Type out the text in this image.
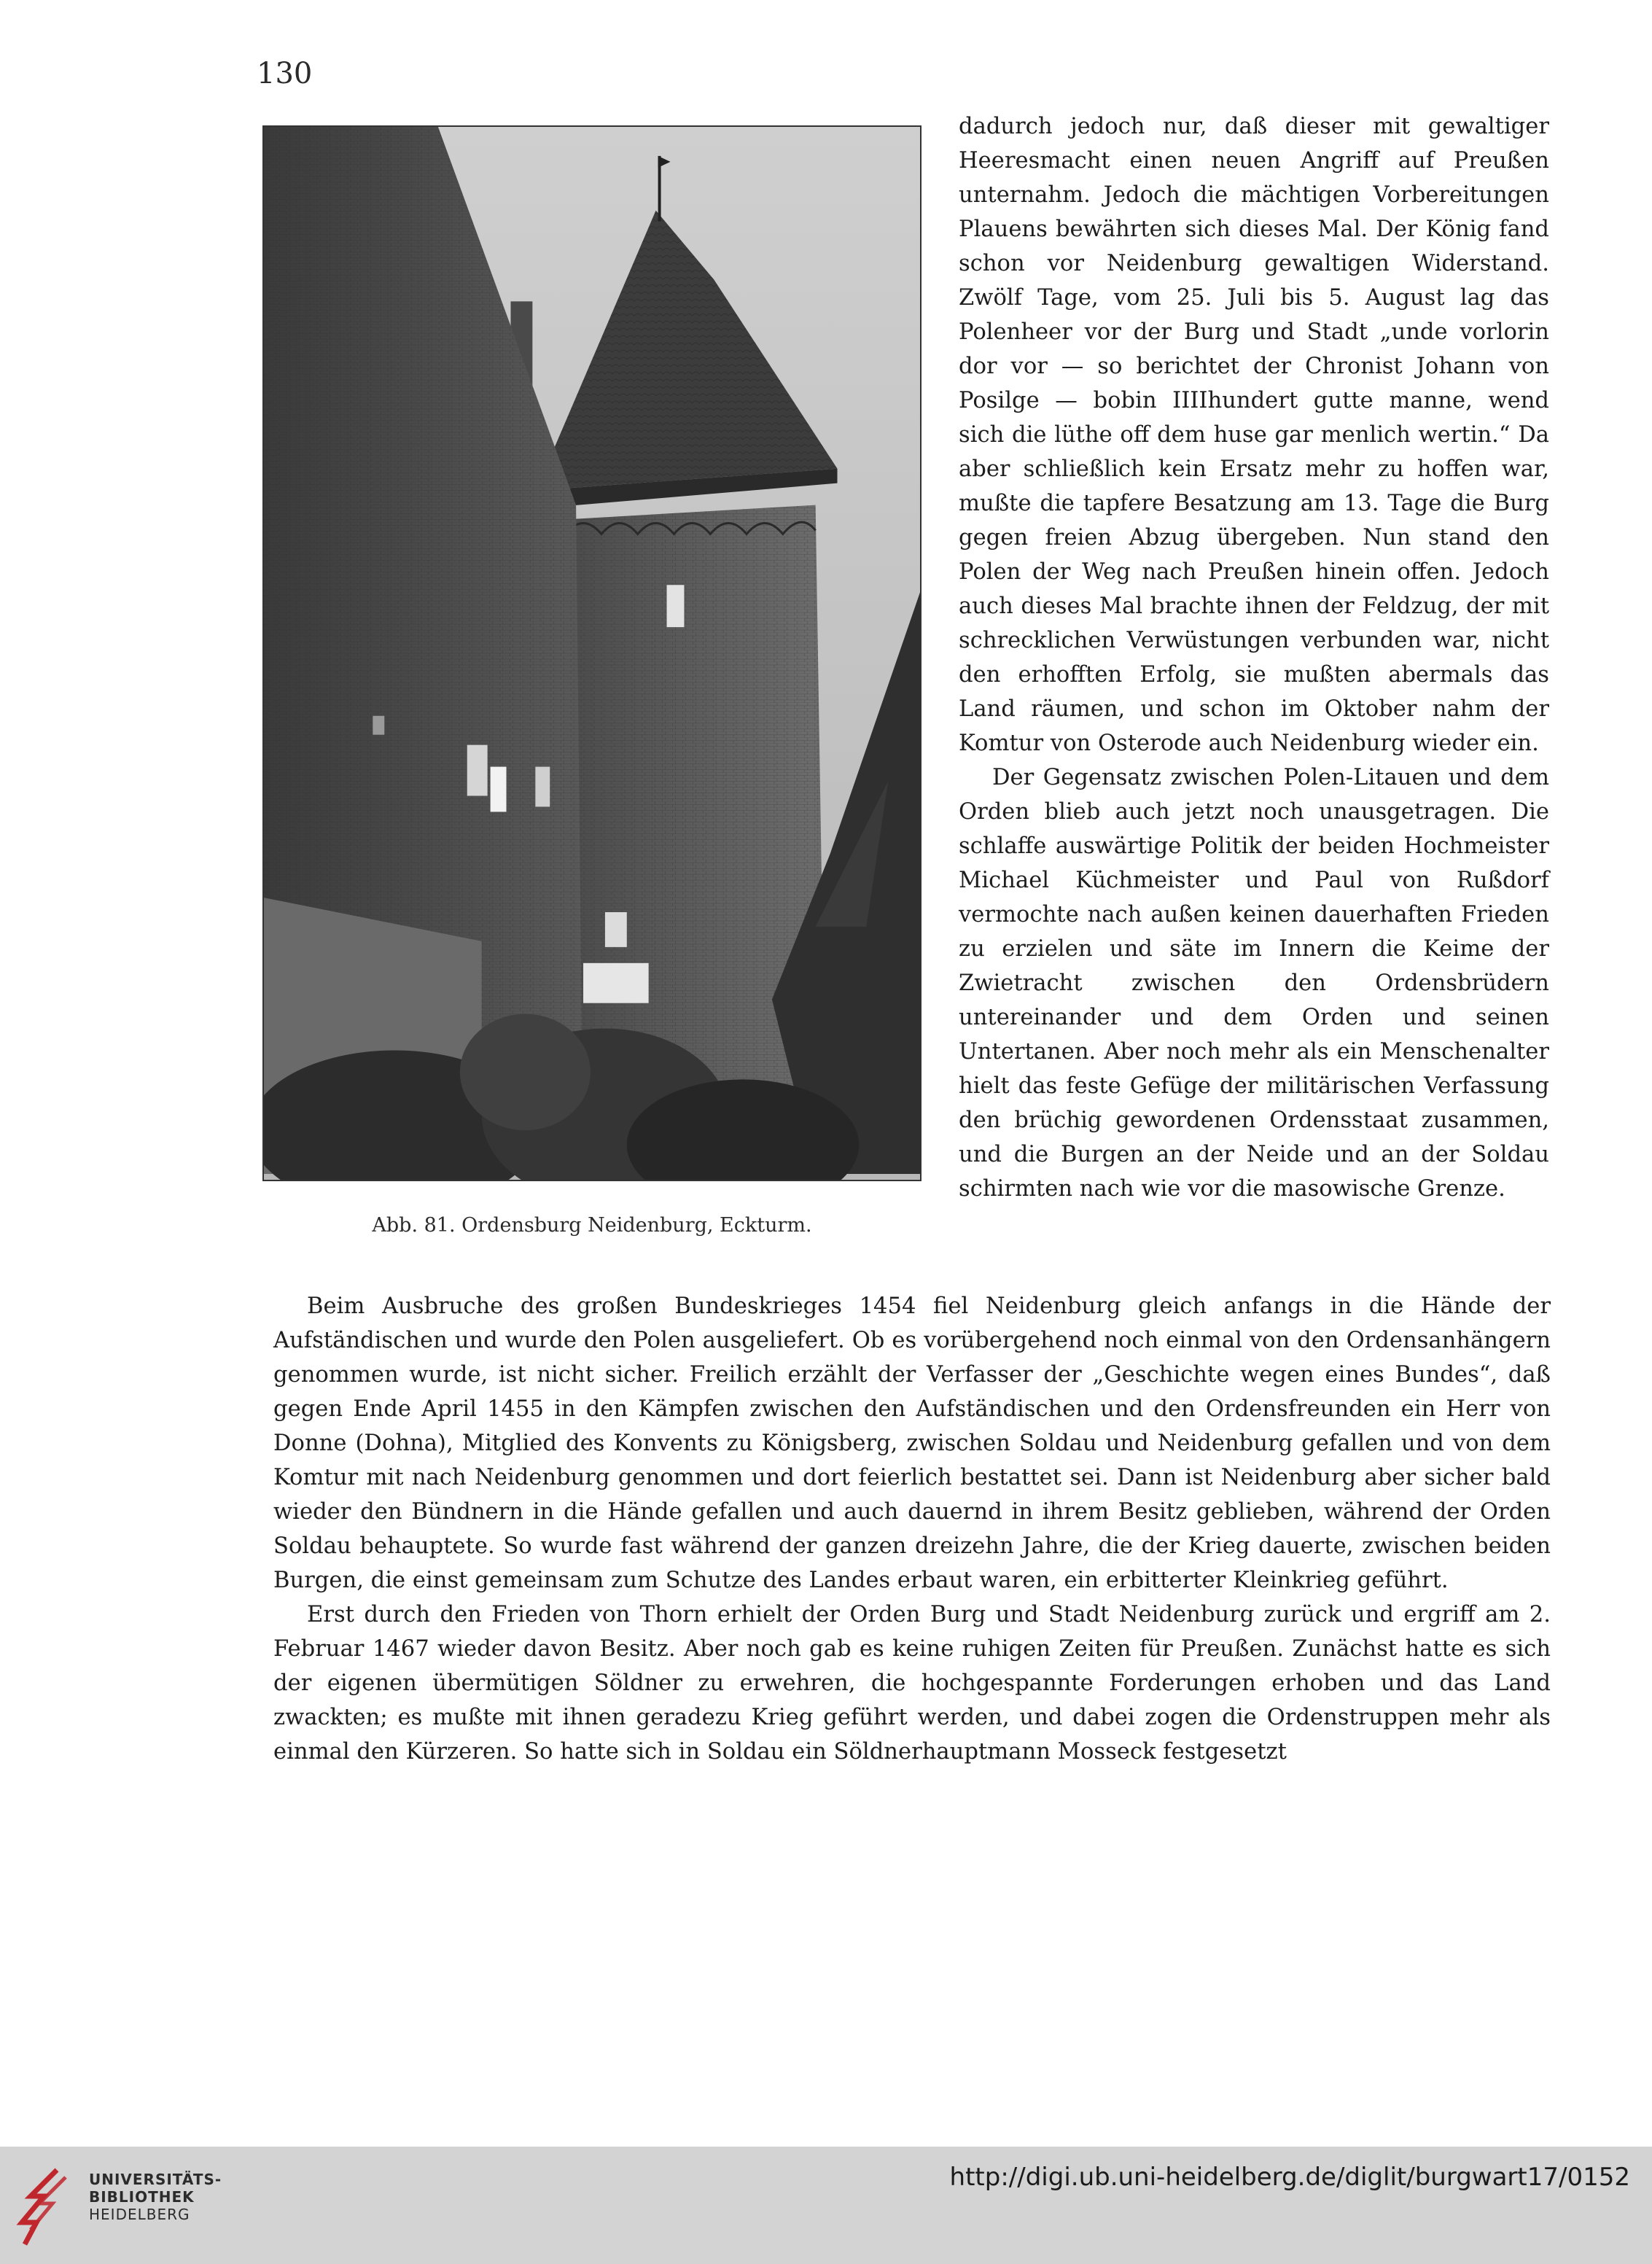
130
Abb. 81. Ordensburg Neidenburg, Eckturm.

dadurch jedoch nur, daß dieser mit gewaltiger Heeresmacht einen neuen Angriff auf Preußen unternahm. Jedoch die mächtigen Vorbereitungen Plauens bewährten sich dieses Mal. Der König fand schon vor Neidenburg gewaltigen Widerstand. Zwölf Tage, vom 25. Juli bis 5. August lag das Polenheer vor der Burg und Stadt „unde vorlorin dor vor — so berichtet der Chronist Johann von Posilge — bobin IIIIhundert gutte manne, wend sich die lüthe off dem huse gar menlich wertin.“ Da aber schließlich kein Ersatz mehr zu hoffen war, mußte die tapfere Besatzung am 13. Tage die Burg gegen freien Abzug übergeben. Nun stand den Polen der Weg nach Preußen hinein offen. Jedoch auch dieses Mal brachte ihnen der Feldzug, der mit schrecklichen Verwüstungen verbunden war, nicht den erhofften Erfolg, sie mußten abermals das Land räumen, und schon im Oktober nahm der Komtur von Osterode auch Neidenburg wieder ein.

Der Gegensatz zwischen Polen-Litauen und dem Orden blieb auch jetzt noch unausgetragen. Die schlaffe auswärtige Politik der beiden Hochmeister Michael Küchmeister und Paul von Rußdorf vermochte nach außen keinen dauerhaften Frieden zu erzielen und säte im Innern die Keime der Zwietracht zwischen den Ordensbrüdern untereinander und dem Orden und seinen Untertanen. Aber noch mehr als ein Menschenalter hielt das feste Gefüge der militärischen Verfassung den brüchig gewordenen Ordensstaat zusammen, und die Burgen an der Neide und an der Soldau schirmten nach wie vor die masowische Grenze.

Beim Ausbruche des großen Bundeskrieges 1454 fiel Neidenburg gleich anfangs in die Hände der Aufständischen und wurde den Polen ausgeliefert. Ob es vorübergehend noch einmal von den Ordensanhängern genommen wurde, ist nicht sicher. Freilich erzählt der Verfasser der „Geschichte wegen eines Bundes“, daß gegen Ende April 1455 in den Kämpfen zwischen den Aufständischen und den Ordensfreunden ein Herr von Donne (Dohna), Mitglied des Konvents zu Königsberg, zwischen Soldau und Neidenburg gefallen und von dem Komtur mit nach Neidenburg genommen und dort feierlich bestattet sei. Dann ist Neidenburg aber sicher bald wieder den Bündnern in die Hände gefallen und auch dauernd in ihrem Besitz geblieben, während der Orden Soldau behauptete. So wurde fast während der ganzen dreizehn Jahre, die der Krieg dauerte, zwischen beiden Burgen, die einst gemeinsam zum Schutze des Landes erbaut waren, ein erbitterter Kleinkrieg geführt.

Erst durch den Frieden von Thorn erhielt der Orden Burg und Stadt Neidenburg zurück und ergriff am 2. Februar 1467 wieder davon Besitz. Aber noch gab es keine ruhigen Zeiten für Preußen. Zunächst hatte es sich der eigenen übermütigen Söldner zu erwehren, die hochgespannte Forderungen erhoben und das Land zwackten; es mußte mit ihnen geradezu Krieg geführt werden, und dabei zogen die Ordenstruppen mehr als einmal den Kürzeren. So hatte sich in Soldau ein Söldnerhauptmann Mosseck festgesetzt

UNIVERSITÄTS-
BIBLIOTHEK
HEIDELBERG
http://digi.ub.uni-heidelberg.de/diglit/burgwart17/0152
